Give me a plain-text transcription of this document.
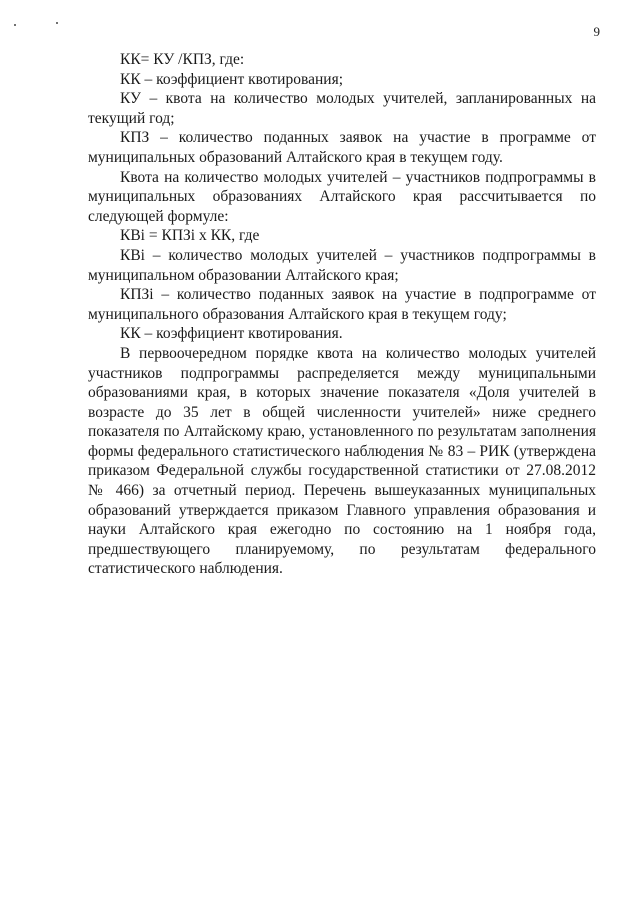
9

КК= КУ /КПЗ, где:

КК – коэффициент квотирования;

КУ – квота на количество молодых учителей, запланированных на текущий год;

КПЗ – количество поданных заявок на участие в программе от муниципальных образований Алтайского края в текущем году.

Квота на количество молодых учителей – участников подпрограммы в муниципальных образованиях Алтайского края рассчитывается по следующей формуле:

КВi = КПЗi х КК, где

КВi – количество молодых учителей – участников подпрограммы в муниципальном образовании Алтайского края;

КПЗi – количество поданных заявок на участие в подпрограмме от муниципального образования Алтайского края в текущем году;

КК – коэффициент квотирования.

В первоочередном порядке квота на количество молодых учителей участников подпрограммы распределяется между муниципальными образованиями края, в которых значение показателя «Доля учителей в возрасте до 35 лет в общей численности учителей» ниже среднего показателя по Алтайскому краю, установленного по результатам заполнения формы федерального статистического наблюдения № 83 – РИК (утверждена приказом Федеральной службы государственной статистики от 27.08.2012 № 466) за отчетный период. Перечень вышеуказанных муниципальных образований утверждается приказом Главного управления образования и науки Алтайского края ежегодно по состоянию на 1 ноября года, предшествующего планируемому, по результатам федерального статистического наблюдения.
